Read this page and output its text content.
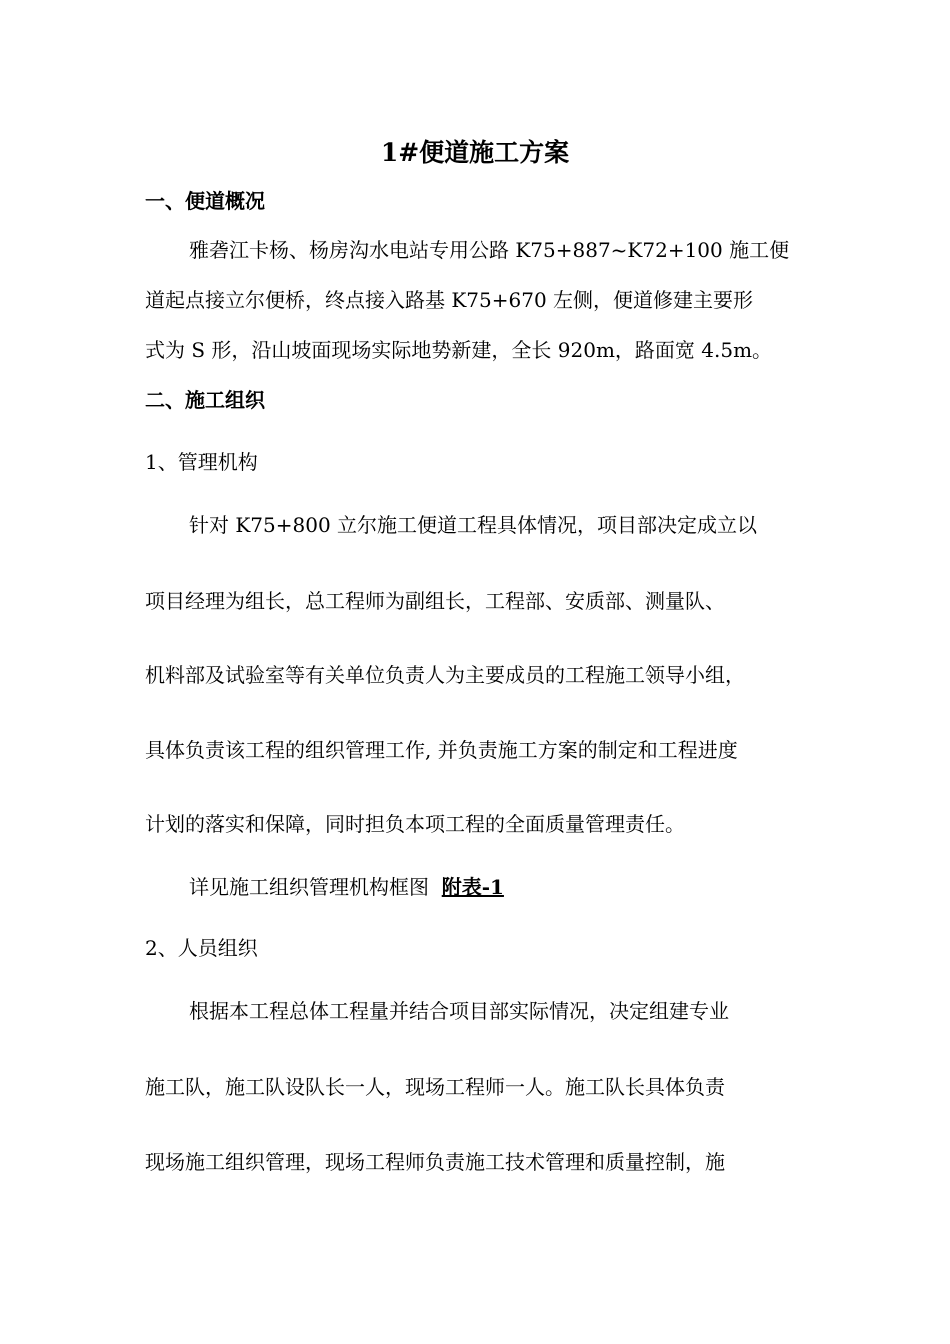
1#便道施工方案
一、便道概况
雅砻江卡杨、杨房沟水电站专用公路 K75+887~K72+100 施工便
道起点接立尔便桥，终点接入路基 K75+670 左侧，便道修建主要形
式为 S 形，沿山坡面现场实际地势新建，全长 920m，路面宽 4.5m。
二、施工组织
1、管理机构
针对 K75+800 立尔施工便道工程具体情况，项目部决定成立以
项目经理为组长，总工程师为副组长，工程部、安质部、测量队、
机料部及试验室等有关单位负责人为主要成员的工程施工领导小组，
具体负责该工程的组织管理工作, 并负责施工方案的制定和工程进度
计划的落实和保障，同时担负本项工程的全面质量管理责任。
详见施工组织管理机构框图 附表-1
2、人员组织
根据本工程总体工程量并结合项目部实际情况，决定组建专业
施工队，施工队设队长一人，现场工程师一人。施工队长具体负责
现场施工组织管理，现场工程师负责施工技术管理和质量控制，施
